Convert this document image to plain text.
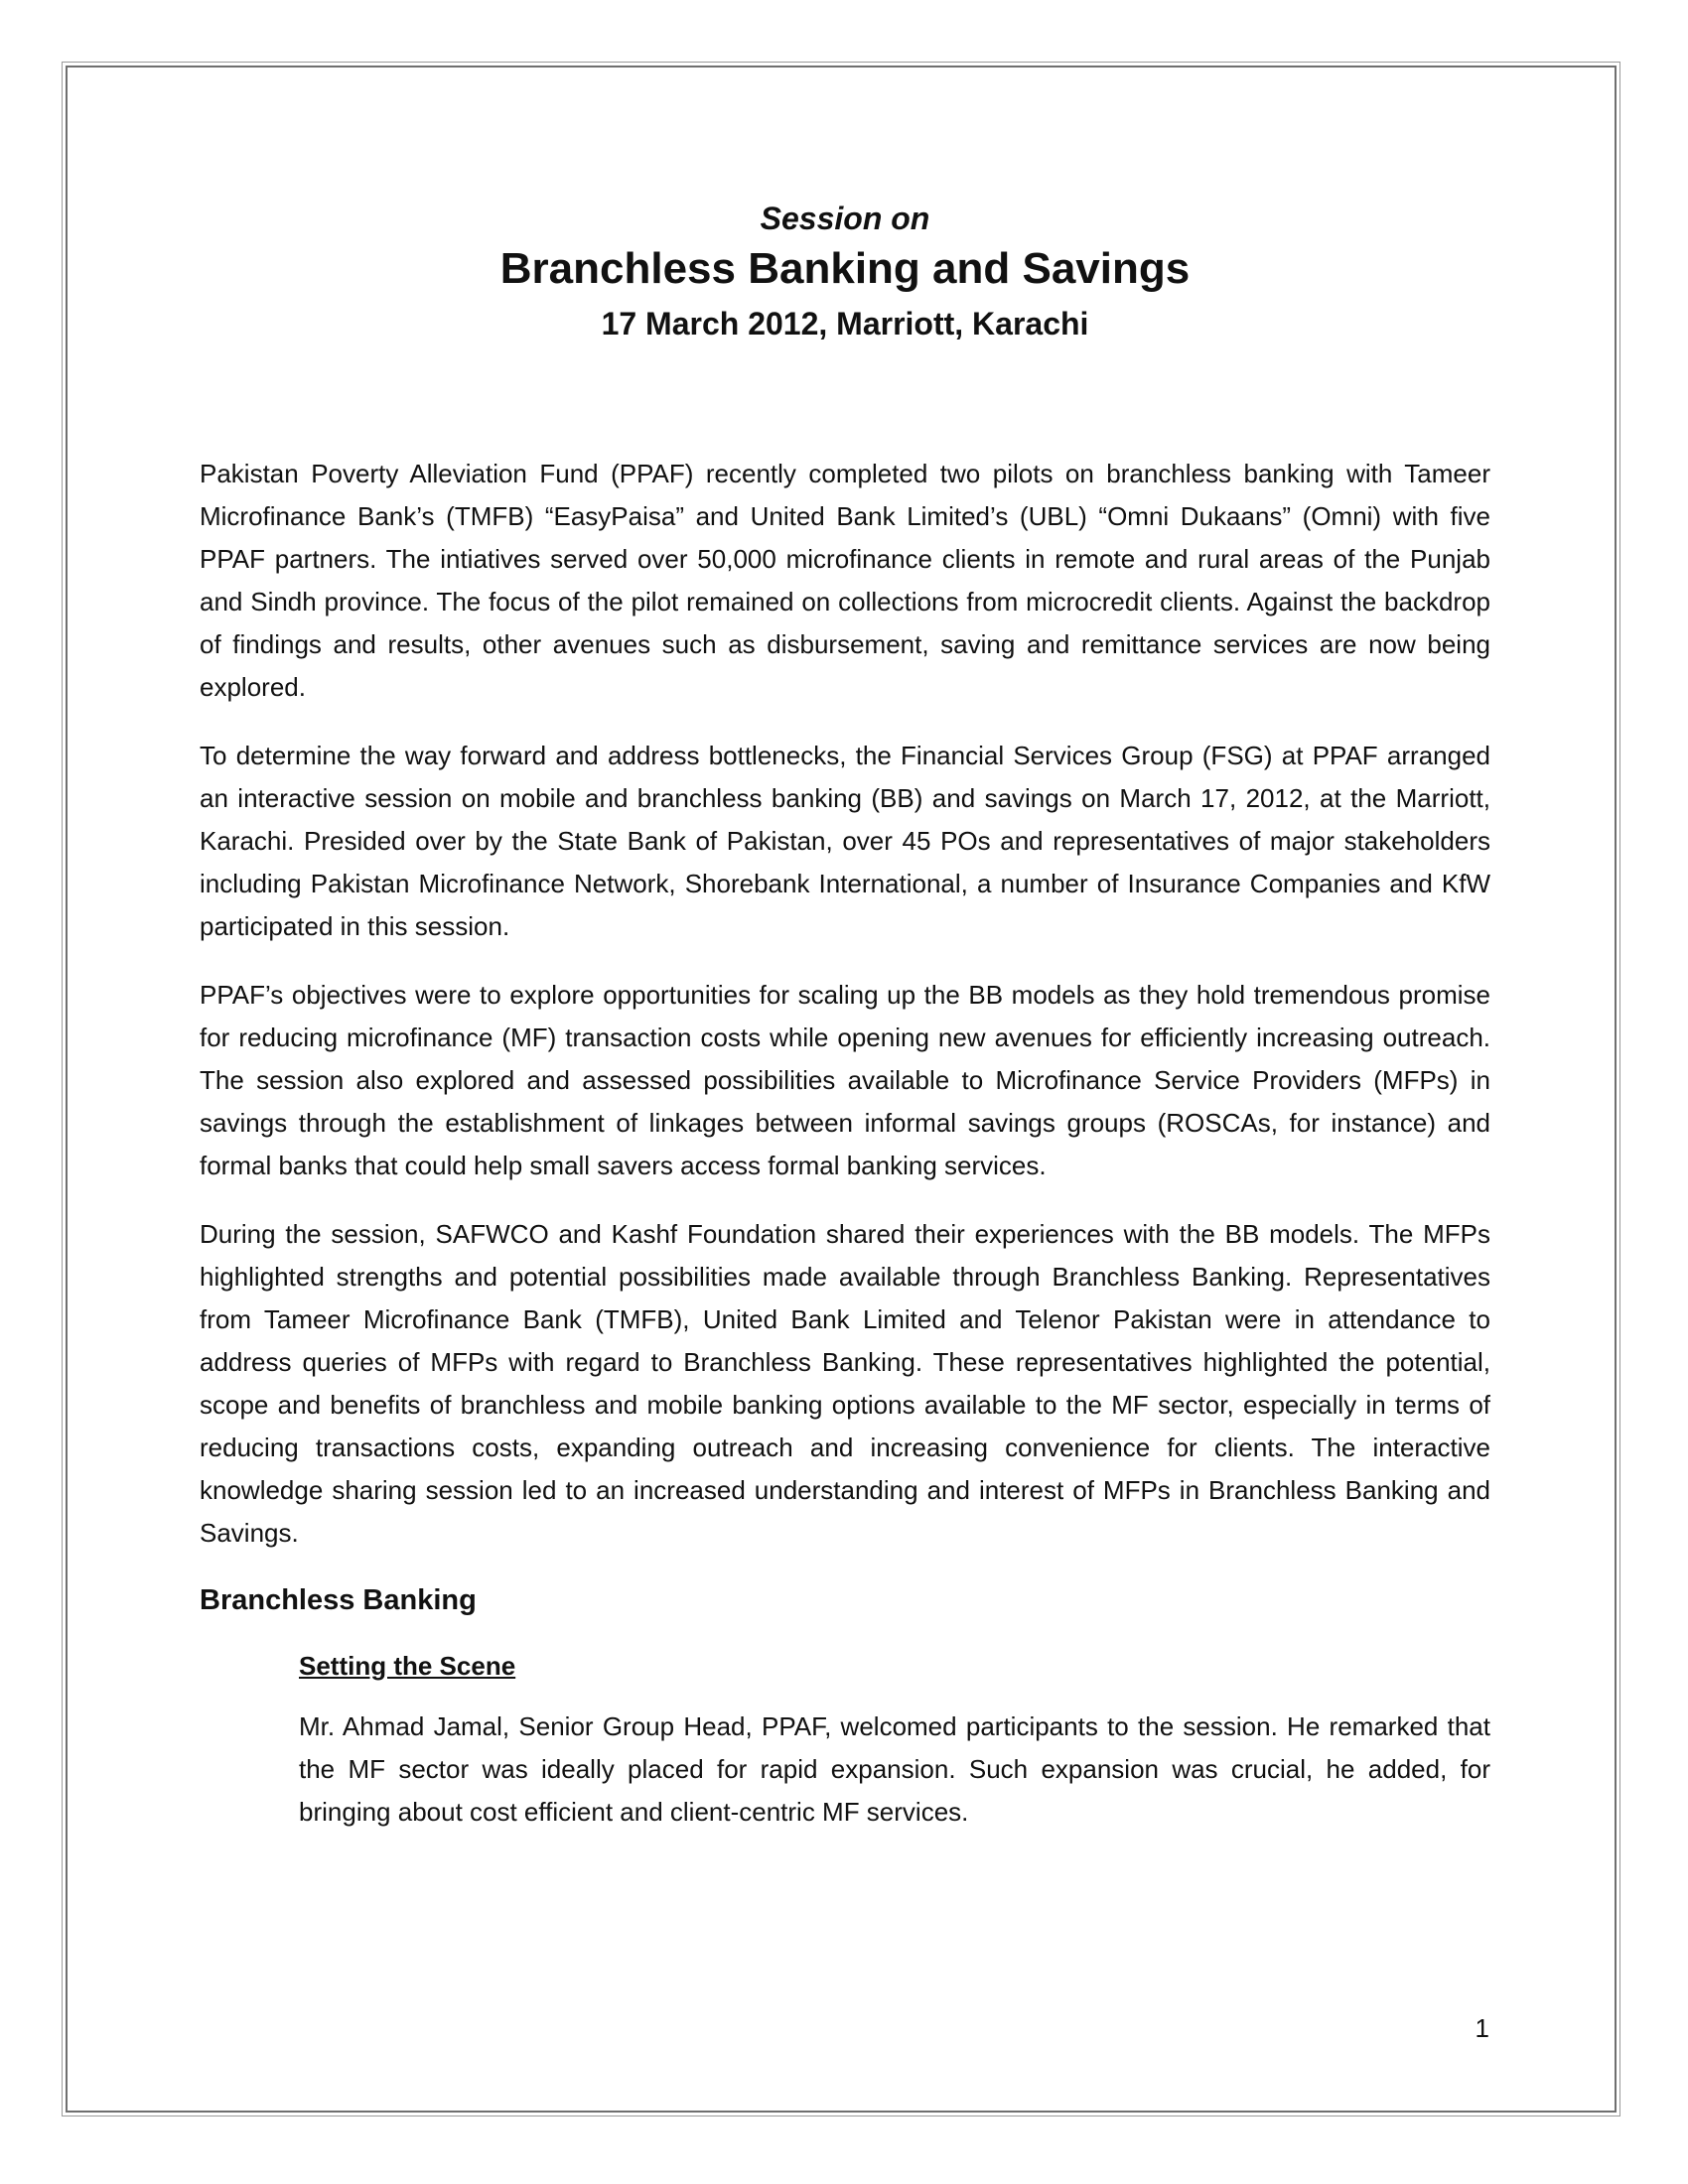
Session on

Branchless Banking and Savings

17 March 2012, Marriott, Karachi

Pakistan Poverty Alleviation Fund (PPAF) recently completed two pilots on branchless banking with Tameer Microfinance Bank’s (TMFB) “EasyPaisa” and United Bank Limited’s (UBL) “Omni Dukaans” (Omni) with five PPAF partners. The intiatives served over 50,000 microfinance clients in remote and rural areas of the Punjab and Sindh province. The focus of the pilot remained on collections from microcredit clients. Against the backdrop of findings and results, other avenues such as disbursement, saving and remittance services are now being explored.

To determine the way forward and address bottlenecks, the Financial Services Group (FSG) at PPAF arranged an interactive session on mobile and branchless banking (BB) and savings on March 17, 2012, at the Marriott, Karachi. Presided over by the State Bank of Pakistan, over 45 POs and representatives of major stakeholders including Pakistan Microfinance Network, Shorebank International, a number of Insurance Companies and KfW participated in this session.

PPAF’s objectives were to explore opportunities for scaling up the BB models as they hold tremendous promise for reducing microfinance (MF) transaction costs while opening new avenues for efficiently increasing outreach. The session also explored and assessed possibilities available to Microfinance Service Providers (MFPs) in savings through the establishment of linkages between informal savings groups (ROSCAs, for instance) and formal banks that could help small savers access formal banking services.

During the session, SAFWCO and Kashf Foundation shared their experiences with the BB models. The MFPs highlighted strengths and potential possibilities made available through Branchless Banking. Representatives from Tameer Microfinance Bank (TMFB), United Bank Limited and Telenor Pakistan were in attendance to address queries of MFPs with regard to Branchless Banking. These representatives highlighted the potential, scope and benefits of branchless and mobile banking options available to the MF sector, especially in terms of reducing transactions costs, expanding outreach and increasing convenience for clients. The interactive knowledge sharing session led to an increased understanding and interest of MFPs in Branchless Banking and Savings.

Branchless Banking
Setting the Scene

Mr. Ahmad Jamal, Senior Group Head, PPAF, welcomed participants to the session. He remarked that the MF sector was ideally placed for rapid expansion. Such expansion was crucial, he added, for bringing about cost efficient and client-centric MF services.

1
